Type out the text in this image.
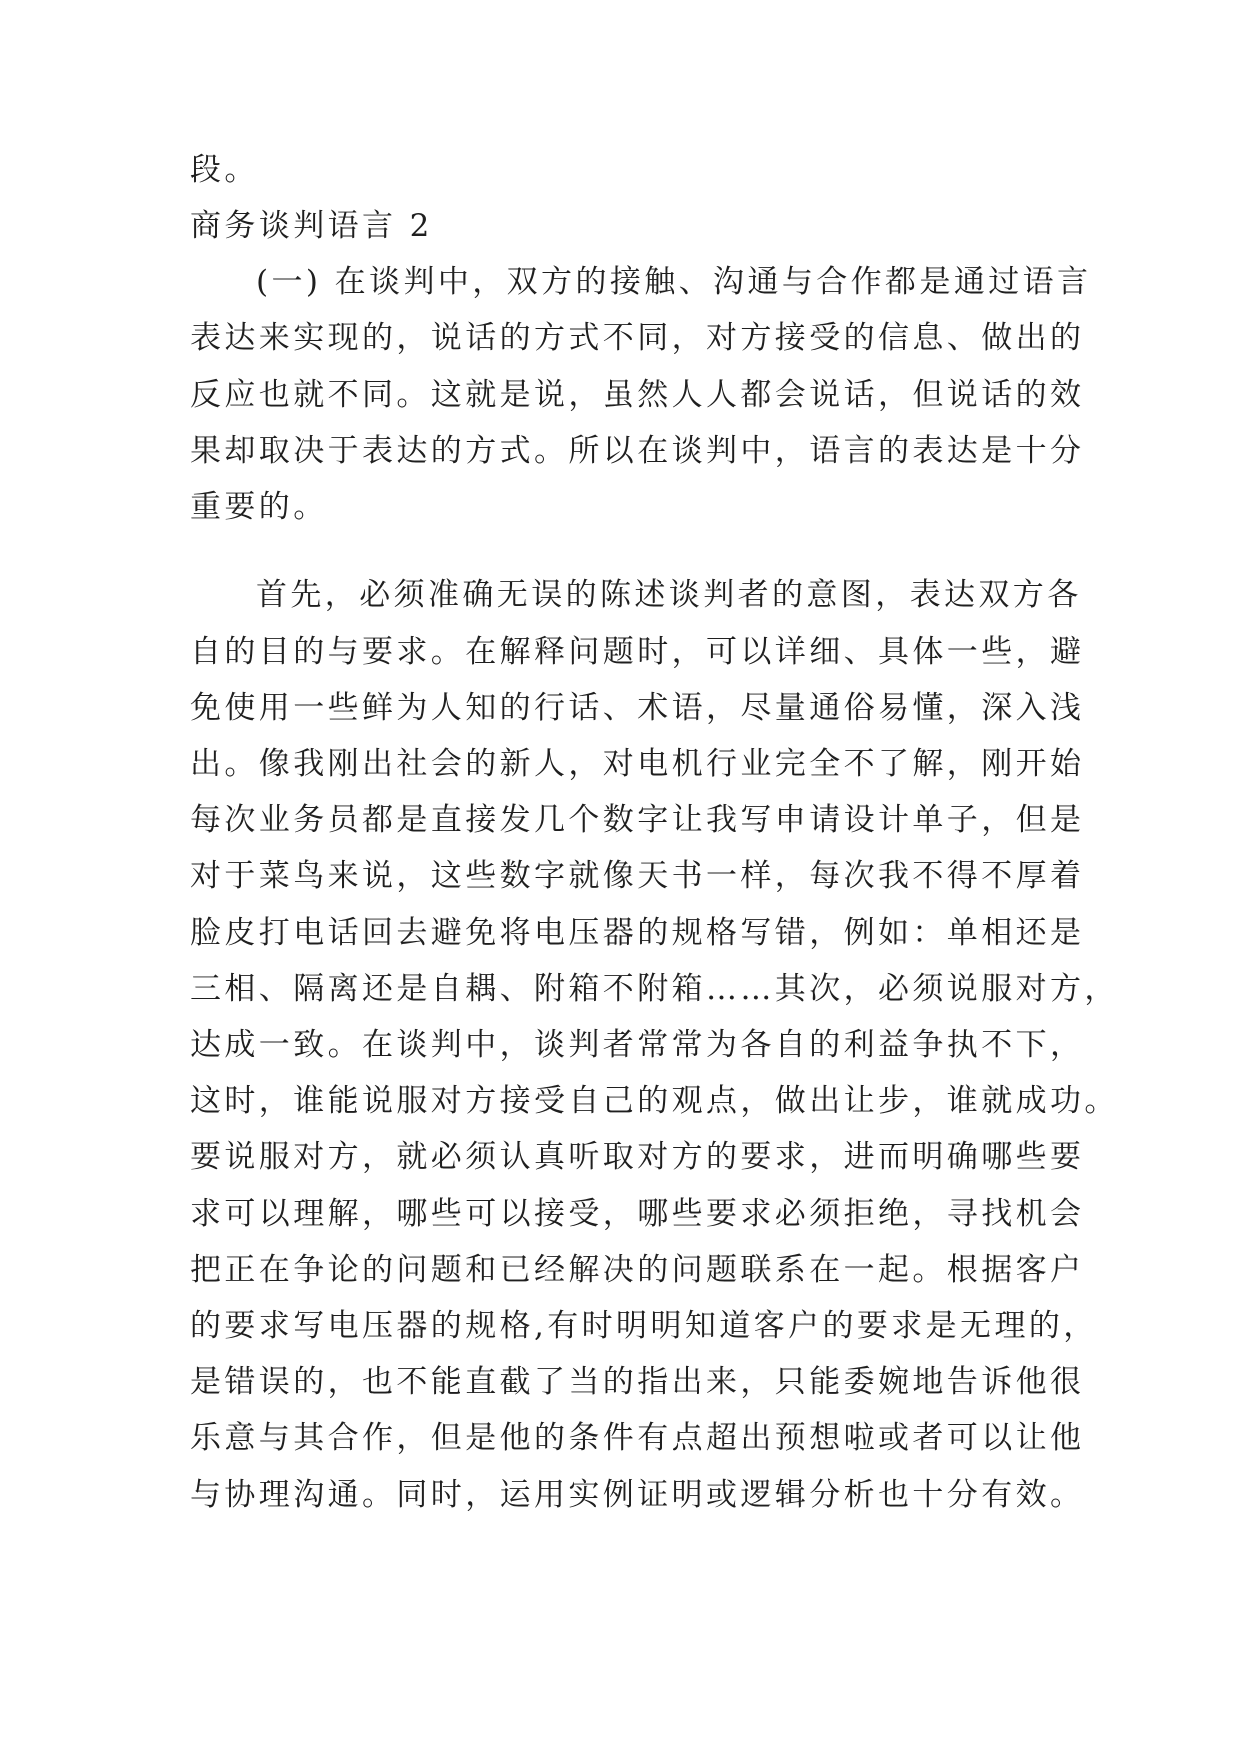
段。
商务谈判语言 2
(一) 在谈判中，双方的接触、沟通与合作都是通过语言
表达来实现的，说话的方式不同，对方接受的信息、做出的
反应也就不同。这就是说，虽然人人都会说话，但说话的效
果却取决于表达的方式。所以在谈判中，语言的表达是十分
重要的。
首先，必须准确无误的陈述谈判者的意图，表达双方各
自的目的与要求。在解释问题时，可以详细、具体一些，避
免使用一些鲜为人知的行话、术语，尽量通俗易懂，深入浅
出。像我刚出社会的新人，对电机行业完全不了解，刚开始
每次业务员都是直接发几个数字让我写申请设计单子，但是
对于菜鸟来说，这些数字就像天书一样，每次我不得不厚着
脸皮打电话回去避免将电压器的规格写错，例如：单相还是
三相、隔离还是自耦、附箱不附箱……其次，必须说服对方，
达成一致。在谈判中，谈判者常常为各自的利益争执不下，
这时，谁能说服对方接受自己的观点，做出让步，谁就成功。
要说服对方，就必须认真听取对方的要求，进而明确哪些要
求可以理解，哪些可以接受，哪些要求必须拒绝，寻找机会
把正在争论的问题和已经解决的问题联系在一起。根据客户
的要求写电压器的规格,有时明明知道客户的要求是无理的，
是错误的，也不能直截了当的指出来，只能委婉地告诉他很
乐意与其合作，但是他的条件有点超出预想啦或者可以让他
与协理沟通。同时，运用实例证明或逻辑分析也十分有效。
